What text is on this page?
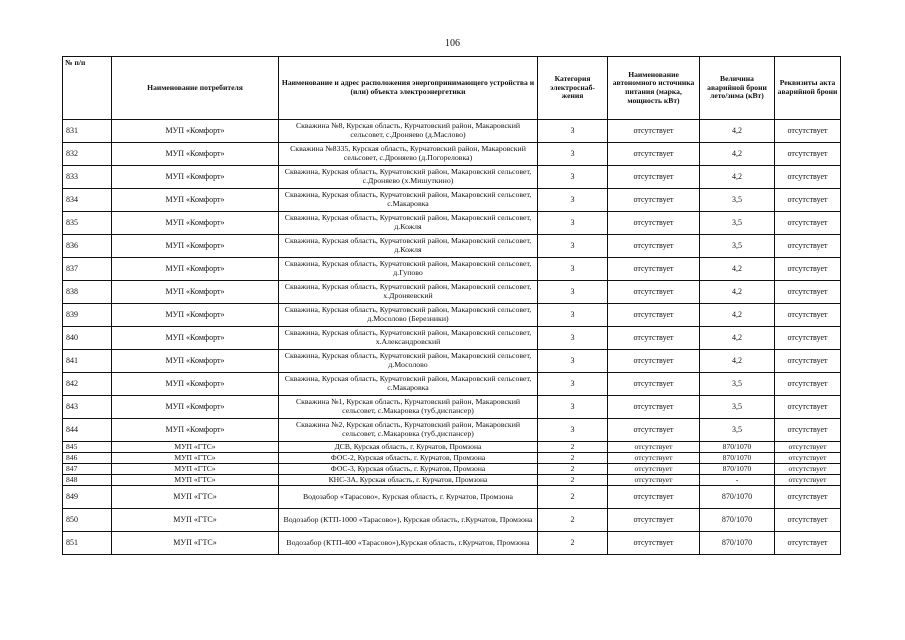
106
№ п/п	Наименование потребителя	Наименование и адрес расположения энергопринимающего устройства и (или) объекта электроэнергетики	Категория электроснаб-жения	Наименование автономного источника питания (марка, мощность кВт)	Величина аварийной брони лето/зима (кВт)	Реквизиты акта аварийной брони
831	МУП «Комфорт»	Скважина №8, Курская область, Курчатовский район, Макаровский сельсовет, с.Дроняево (д.Маслово)	3	отсутствует	4,2	отсутствует
832	МУП «Комфорт»	Скважина №8335, Курская область, Курчатовский район, Макаровский сельсовет, с.Дроняево (д.Погореловка)	3	отсутствует	4,2	отсутствует
833	МУП «Комфорт»	Скважина, Курская область, Курчатовский район, Макаровский сельсовет, с.Дроняево (х.Мишуткино)	3	отсутствует	4,2	отсутствует
834	МУП «Комфорт»	Скважина, Курская область, Курчатовский район, Макаровский сельсовет, с.Макаровка	3	отсутствует	3,5	отсутствует
835	МУП «Комфорт»	Скважина, Курская область, Курчатовский район, Макаровский сельсовет, д.Кожля	3	отсутствует	3,5	отсутствует
836	МУП «Комфорт»	Скважина, Курская область, Курчатовский район, Макаровский сельсовет, д.Кожля	3	отсутствует	3,5	отсутствует
837	МУП «Комфорт»	Скважина, Курская область, Курчатовский район, Макаровский сельсовет, д.Гупово	3	отсутствует	4,2	отсутствует
838	МУП «Комфорт»	Скважина, Курская область, Курчатовский район, Макаровский сельсовет, х.Дроняевский	3	отсутствует	4,2	отсутствует
839	МУП «Комфорт»	Скважина, Курская область, Курчатовский район, Макаровский сельсовет, д.Мосолово (Березники)	3	отсутствует	4,2	отсутствует
840	МУП «Комфорт»	Скважина, Курская область, Курчатовский район, Макаровский сельсовет, х.Александровский	3	отсутствует	4,2	отсутствует
841	МУП «Комфорт»	Скважина, Курская область, Курчатовский район, Макаровский сельсовет, д.Мосолово	3	отсутствует	4,2	отсутствует
842	МУП «Комфорт»	Скважина, Курская область, Курчатовский район, Макаровский сельсовет, с.Макаровка	3	отсутствует	3,5	отсутствует
843	МУП «Комфорт»	Скважина №1, Курская область, Курчатовский район, Макаровский сельсовет, с.Макаровка (туб.диспансер)	3	отсутствует	3,5	отсутствует
844	МУП «Комфорт»	Скважина №2, Курская область, Курчатовский район, Макаровский сельсовет, с.Макаровка (туб.диспансер)	3	отсутствует	3,5	отсутствует
845	МУП «ГТС»	ДСВ, Курская область, г. Курчатов, Промзона	2	отсутствует	870/1070	отсутствует
846	МУП «ГТС»	ФОС-2, Курская область, г. Курчатов, Промзона	2	отсутствует	870/1070	отсутствует
847	МУП «ГТС»	ФОС-3, Курская область, г. Курчатов, Промзона	2	отсутствует	870/1070	отсутствует
848	МУП «ГТС»	КНС-3А, Курская область, г. Курчатов, Промзона	2	отсутствует	-	отсутствует
849	МУП «ГТС»	Водозабор «Тарасово», Курская область, г. Курчатов, Промзона	2	отсутствует	870/1070	отсутствует
850	МУП «ГТС»	Водозабор (КТП-1000 «Тарасово»), Курская область, г.Курчатов, Промзона	2	отсутствует	870/1070	отсутствует
851	МУП «ГТС»	Водозабор (КТП-400 «Тарасово»),Курская область, г.Курчатов, Промзона	2	отсутствует	870/1070	отсутствует
